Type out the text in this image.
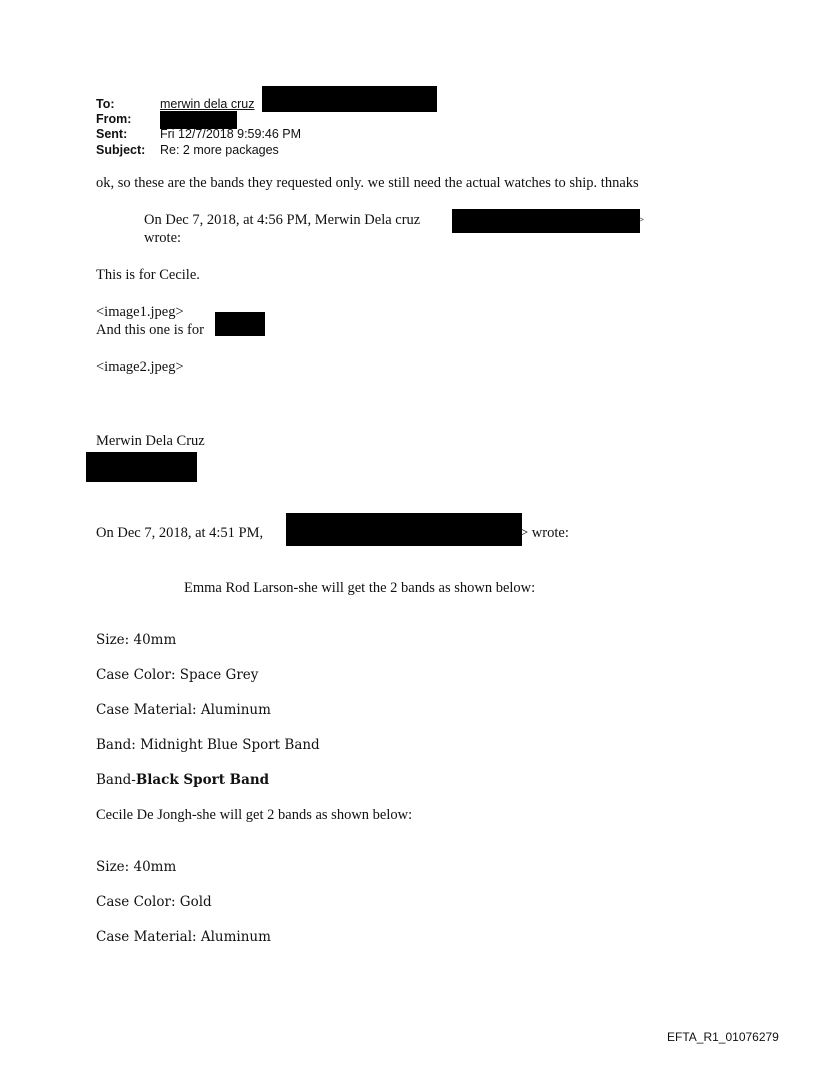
To:	merwin dela cruz
From:
Sent:	Fri 12/7/2018 9:59:46 PM
Subject: Re: 2 more packages
ok, so these are the bands they requested only. we still need the actual watches to ship. thnaks
On Dec 7, 2018, at 4:56 PM, Merwin Dela cruz	>
wrote:
This is for Cecile.
<image1.jpeg>
And this one is for
<image2.jpeg>
Merwin Dela Cruz
On Dec 7, 2018, at 4:51 PM,	> wrote:
Emma Rod Larson-she will get the 2 bands as shown below:
Size: 40mm
Case Color: Space Grey
Case Material: Aluminum
Band: Midnight Blue Sport Band
Band-Black Sport Band
Cecile De Jongh-she will get 2 bands as shown below:
Size: 40mm
Case Color: Gold
Case Material: Aluminum
EFTA_R1_01076279
